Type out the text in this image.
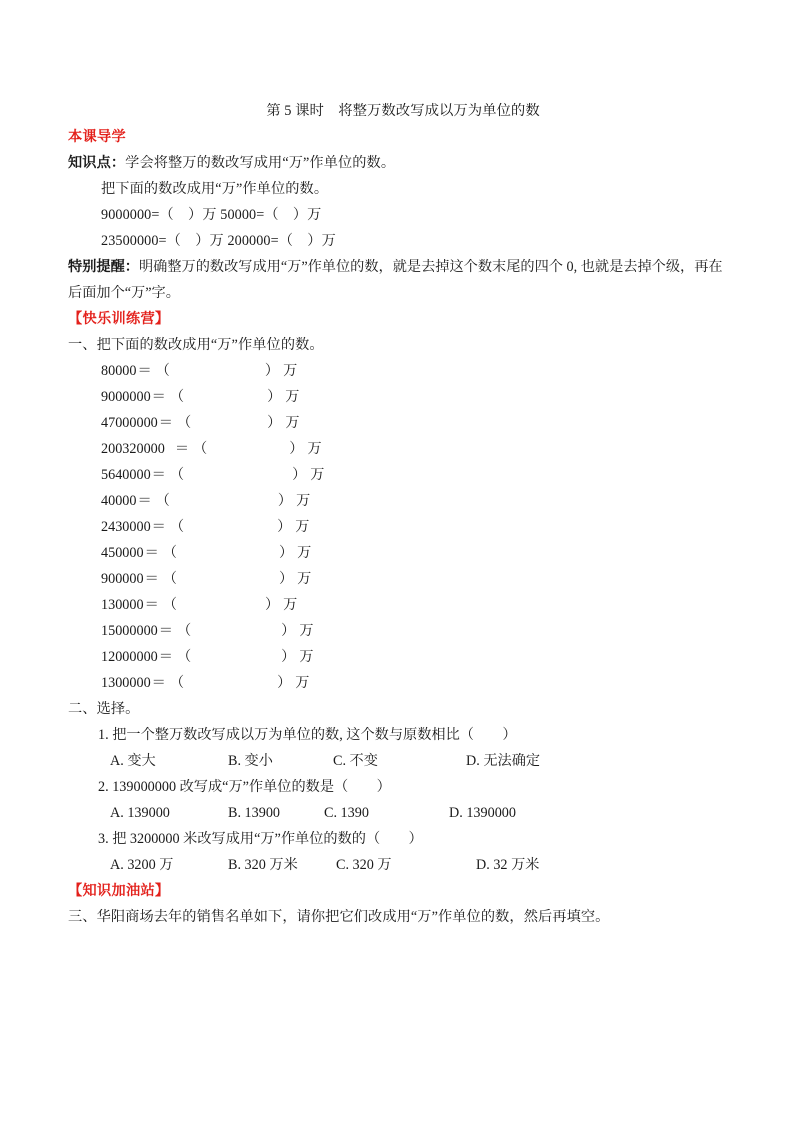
第 5 课时　将整万数改写成以万为单位的数
本课导学
知识点：学会将整万的数改写成用“万”作单位的数。
把下面的数改成用“万”作单位的数。
9000000=（　）万 50000=（　）万
23500000=（　）万 200000=（　）万
特别提醒：明确整万的数改写成用“万”作单位的数，就是去掉这个数末尾的四个 0, 也就是去掉个级，再在后面加个“万”字。
【快乐训练营】
一、把下面的数改成用“万”作单位的数。
80000＝ （	） 万
9000000＝ （	） 万
47000000＝ （	） 万
200320000 ＝ （	） 万
5640000＝ （	） 万
40000＝ （	） 万
2430000＝ （	） 万
450000＝ （	） 万
900000＝ （	） 万
130000＝ （	） 万
15000000＝ （	） 万
12000000＝ （	） 万
1300000＝ （	） 万
二、选择。
1. 把一个整万数改写成以万为单位的数, 这个数与原数相比（　　）
A. 变大	B. 变小	C. 不变	D. 无法确定
2. 139000000 改写成“万”作单位的数是（　　）
A. 139000	B. 13900	C. 1390	D. 1390000
3. 把 3200000 米改写成用“万”作单位的数的（　　）
A. 3200 万	B. 320 万米	C. 320 万	D. 32 万米
【知识加油站】
三、华阳商场去年的销售名单如下，请你把它们改成用“万”作单位的数，然后再填空。
